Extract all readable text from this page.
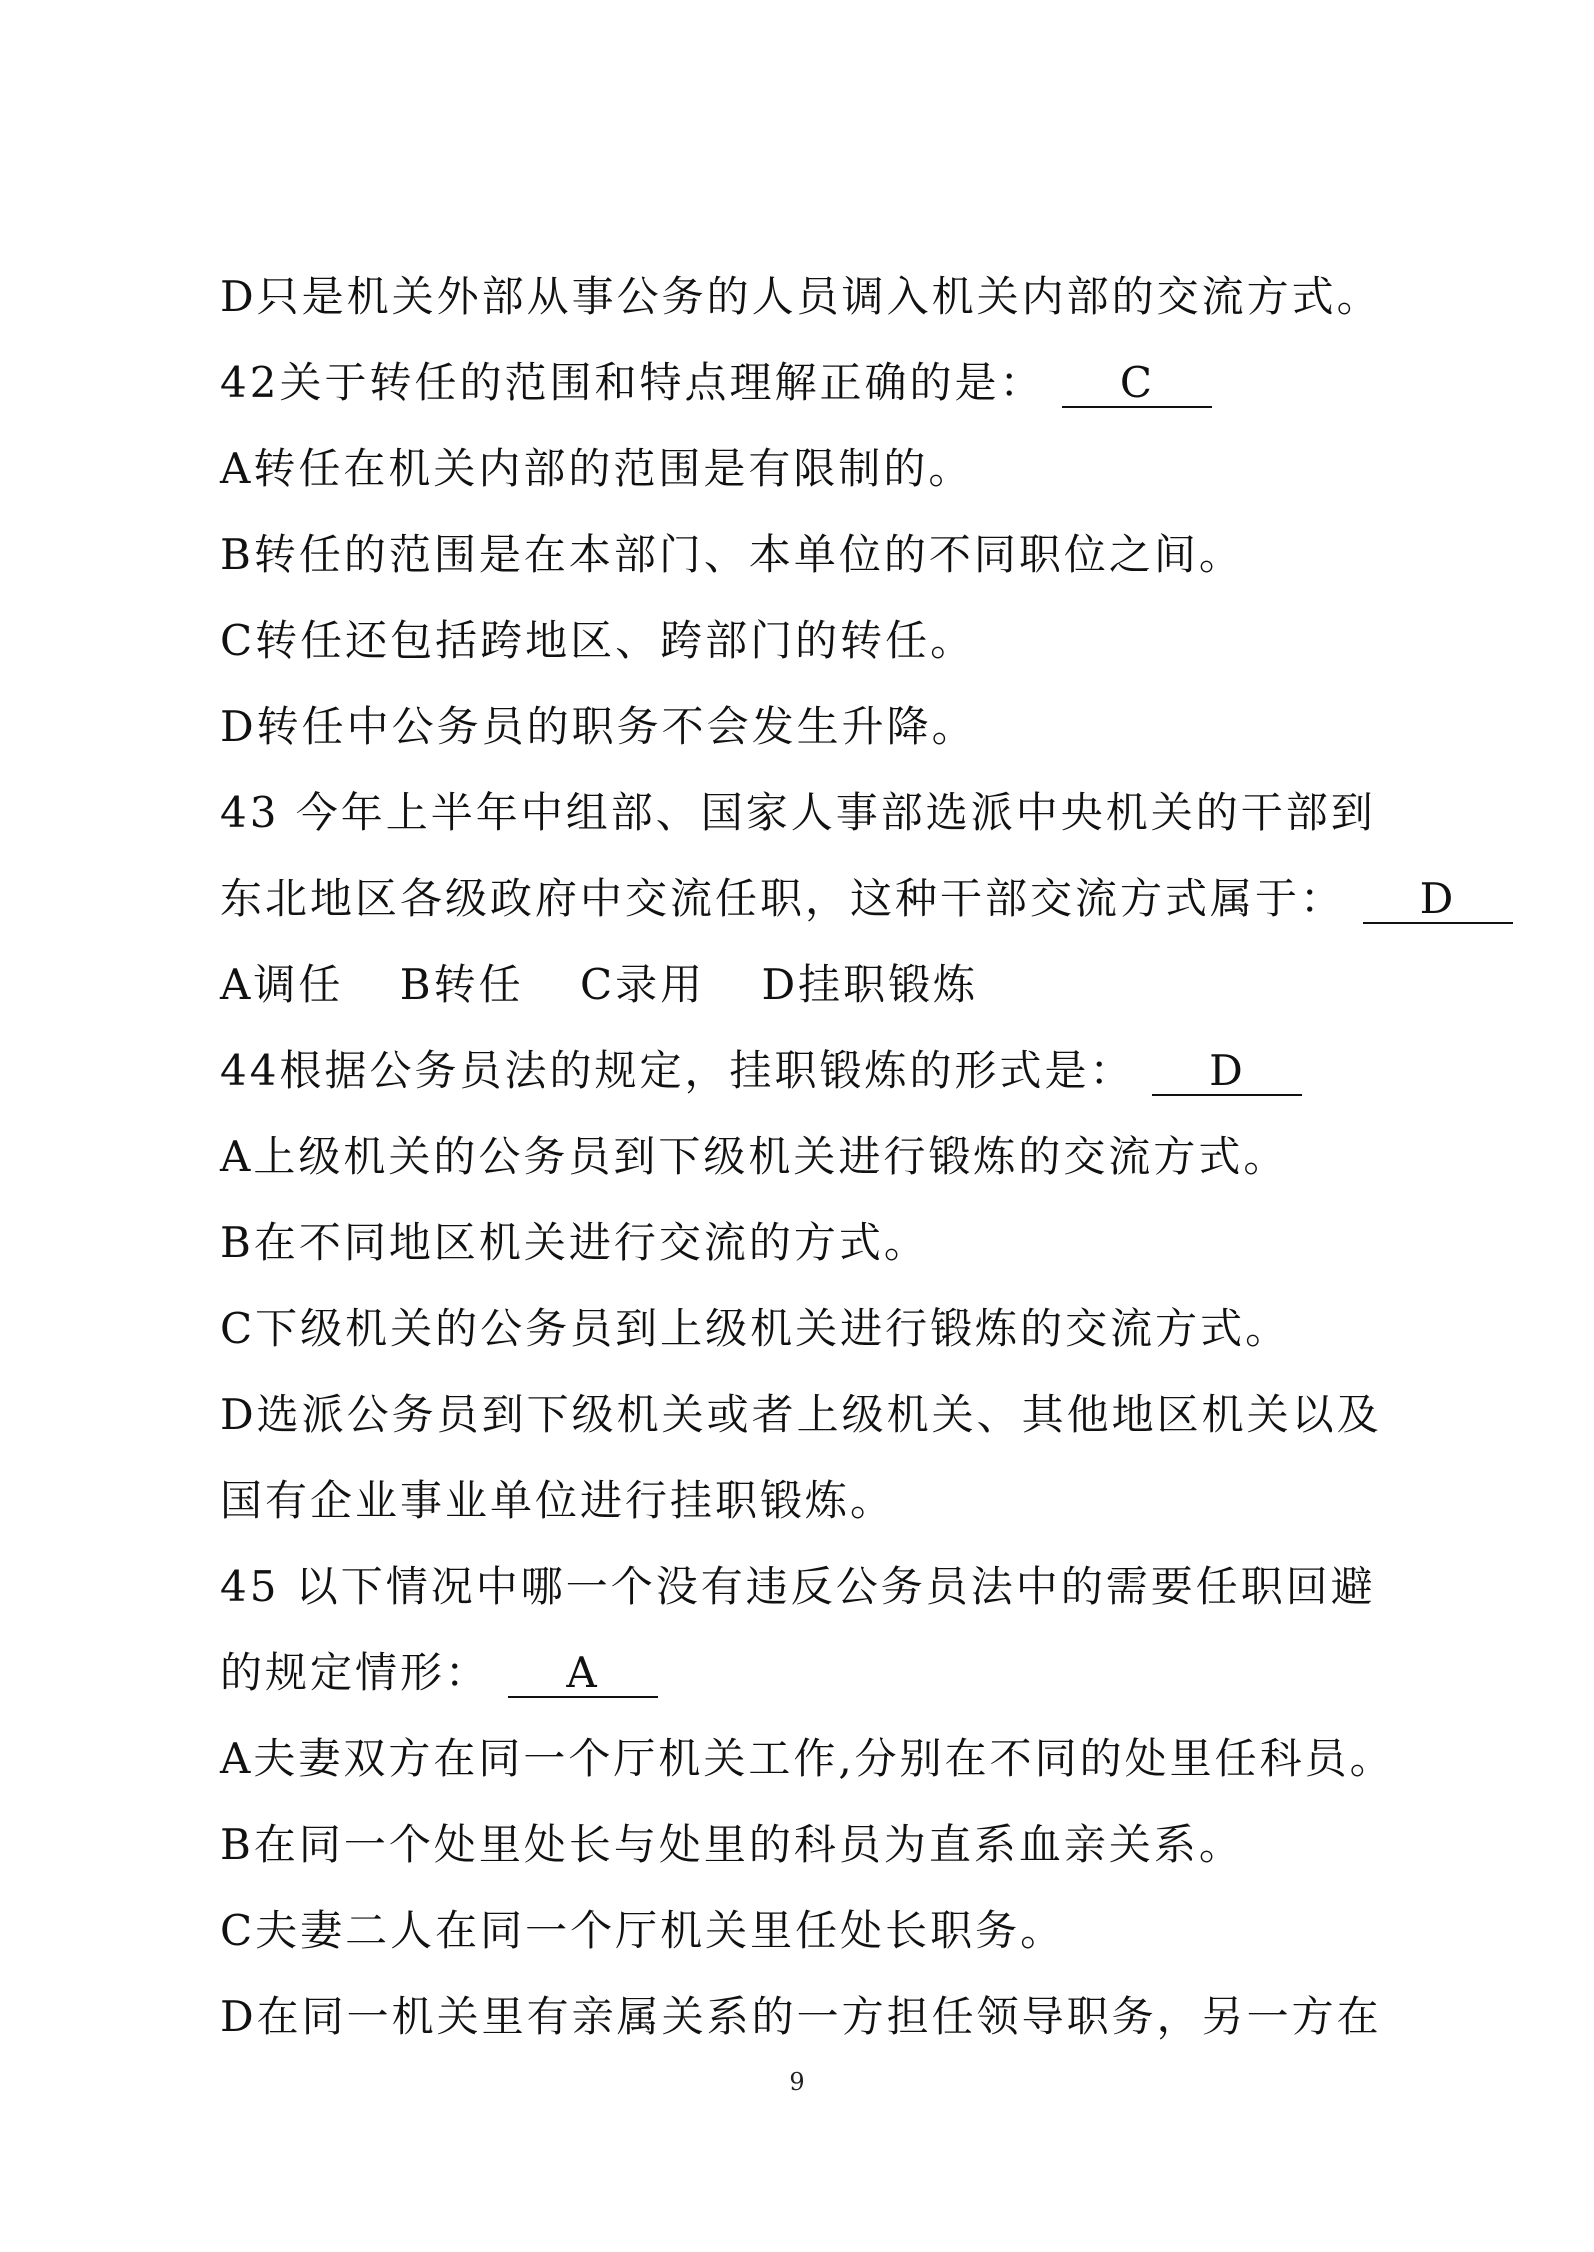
D只是机关外部从事公务的人员调入机关内部的交流方式。
42关于转任的范围和特点理解正确的是： C
A转任在机关内部的范围是有限制的。
B转任的范围是在本部门、本单位的不同职位之间。
C转任还包括跨地区、跨部门的转任。
D转任中公务员的职务不会发生升降。
43 今年上半年中组部、国家人事部选派中央机关的干部到
东北地区各级政府中交流任职，这种干部交流方式属于： D
A调任 B转任 C录用 D挂职锻炼
44根据公务员法的规定，挂职锻炼的形式是： D
A上级机关的公务员到下级机关进行锻炼的交流方式。
B在不同地区机关进行交流的方式。
C下级机关的公务员到上级机关进行锻炼的交流方式。
D选派公务员到下级机关或者上级机关、其他地区机关以及
国有企业事业单位进行挂职锻炼。
45 以下情况中哪一个没有违反公务员法中的需要任职回避
的规定情形： A
A夫妻双方在同一个厅机关工作,分别在不同的处里任科员。
B在同一个处里处长与处里的科员为直系血亲关系。
C夫妻二人在同一个厅机关里任处长职务。
D在同一机关里有亲属关系的一方担任领导职务，另一方在
9
